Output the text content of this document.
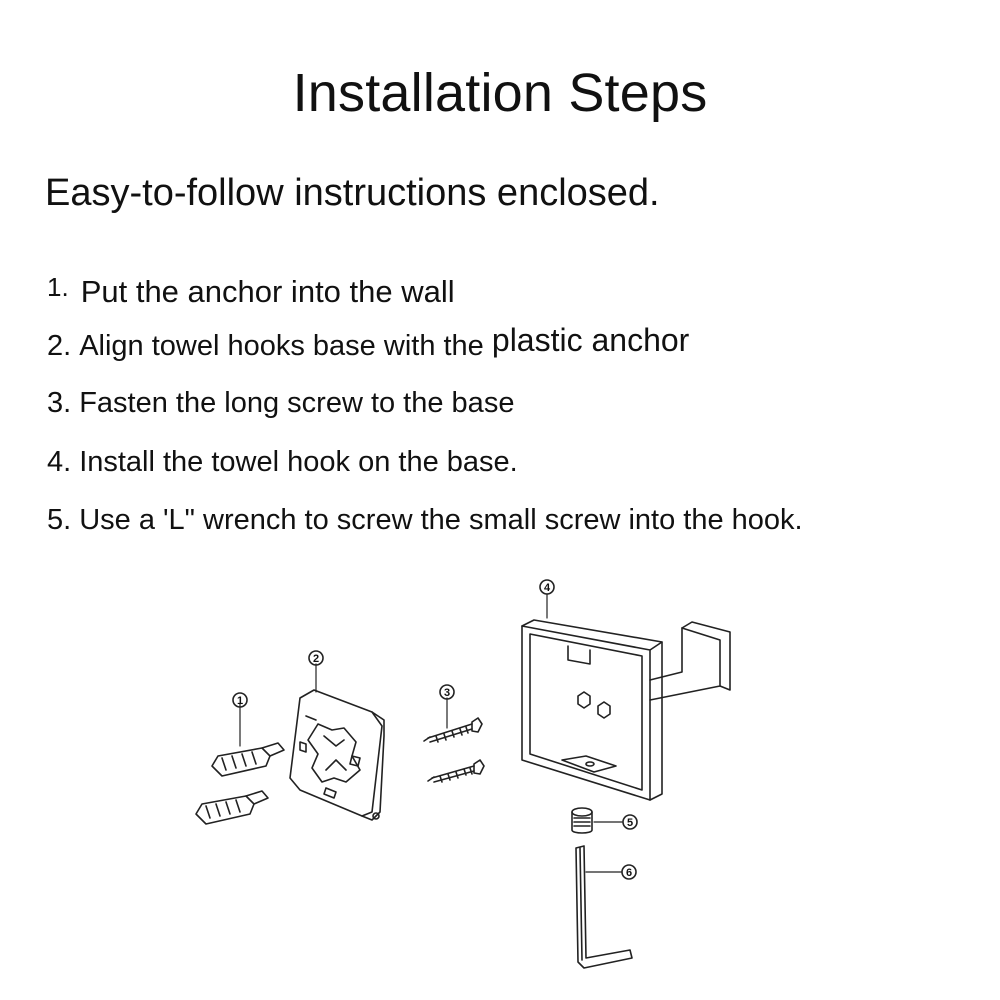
Installation Steps
Easy-to-follow instructions enclosed.
1. Put the anchor into the wall
2. Align towel hooks base with the plastic anchor
3. Fasten the long screw to the base
4. Install the towel hook on the base.
5. Use a 'L" wrench to screw the small screw into the hook.
1
2
3
4
5
6
